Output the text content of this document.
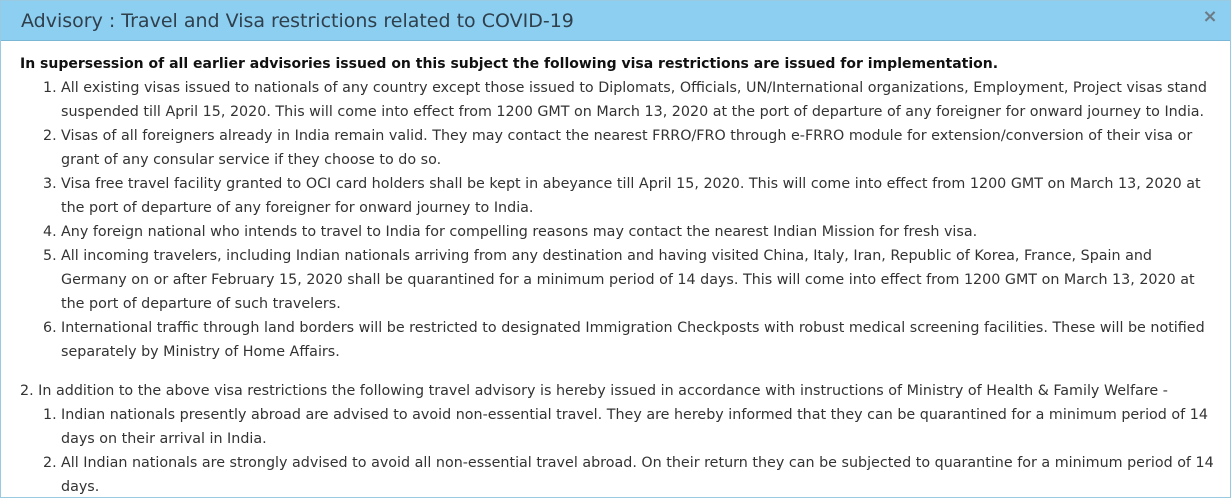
Advisory : Travel and Visa restrictions related to COVID-19	×
In supersession of all earlier advisories issued on this subject the following visa restrictions are issued for implementation.
1. All existing visas issued to nationals of any country except those issued to Diplomats, Officials, UN/International organizations, Employment, Project visas stand suspended till April 15, 2020. This will come into effect from 1200 GMT on March 13, 2020 at the port of departure of any foreigner for onward journey to India.
2. Visas of all foreigners already in India remain valid. They may contact the nearest FRRO/FRO through e-FRRO module for extension/conversion of their visa or grant of any consular service if they choose to do so.
3. Visa free travel facility granted to OCI card holders shall be kept in abeyance till April 15, 2020. This will come into effect from 1200 GMT on March 13, 2020 at the port of departure of any foreigner for onward journey to India.
4. Any foreign national who intends to travel to India for compelling reasons may contact the nearest Indian Mission for fresh visa.
5. All incoming travelers, including Indian nationals arriving from any destination and having visited China, Italy, Iran, Republic of Korea, France, Spain and Germany on or after February 15, 2020 shall be quarantined for a minimum period of 14 days. This will come into effect from 1200 GMT on March 13, 2020 at the port of departure of such travelers.
6. International traffic through land borders will be restricted to designated Immigration Checkposts with robust medical screening facilities. These will be notified separately by Ministry of Home Affairs.
2. In addition to the above visa restrictions the following travel advisory is hereby issued in accordance with instructions of Ministry of Health & Family Welfare -
1. Indian nationals presently abroad are advised to avoid non-essential travel. They are hereby informed that they can be quarantined for a minimum period of 14 days on their arrival in India.
2. All Indian nationals are strongly advised to avoid all non-essential travel abroad. On their return they can be subjected to quarantine for a minimum period of 14 days.
